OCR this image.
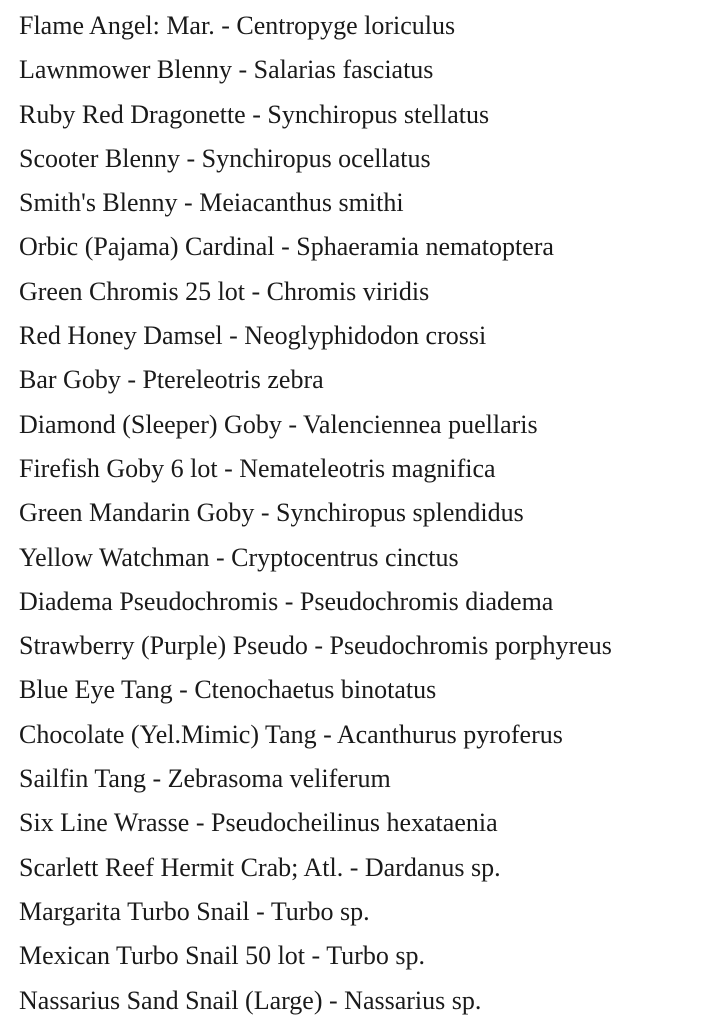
Flame Angel: Mar. - Centropyge loriculus
Lawnmower Blenny - Salarias fasciatus
Ruby Red Dragonette - Synchiropus stellatus
Scooter Blenny - Synchiropus ocellatus
Smith's Blenny - Meiacanthus smithi
Orbic (Pajama) Cardinal - Sphaeramia nematoptera
Green Chromis 25 lot - Chromis viridis
Red Honey Damsel - Neoglyphidodon crossi
Bar Goby - Ptereleotris zebra
Diamond (Sleeper) Goby - Valenciennea puellaris
Firefish Goby 6 lot - Nemateleotris magnifica
Green Mandarin Goby - Synchiropus splendidus
Yellow Watchman - Cryptocentrus cinctus
Diadema Pseudochromis - Pseudochromis diadema
Strawberry (Purple) Pseudo - Pseudochromis porphyreus
Blue Eye Tang - Ctenochaetus binotatus
Chocolate (Yel.Mimic) Tang - Acanthurus pyroferus
Sailfin Tang - Zebrasoma veliferum
Six Line Wrasse - Pseudocheilinus hexataenia
Scarlett Reef Hermit Crab; Atl. - Dardanus sp.
Margarita Turbo Snail - Turbo sp.
Mexican Turbo Snail 50 lot - Turbo sp.
Nassarius Sand Snail (Large) - Nassarius sp.
